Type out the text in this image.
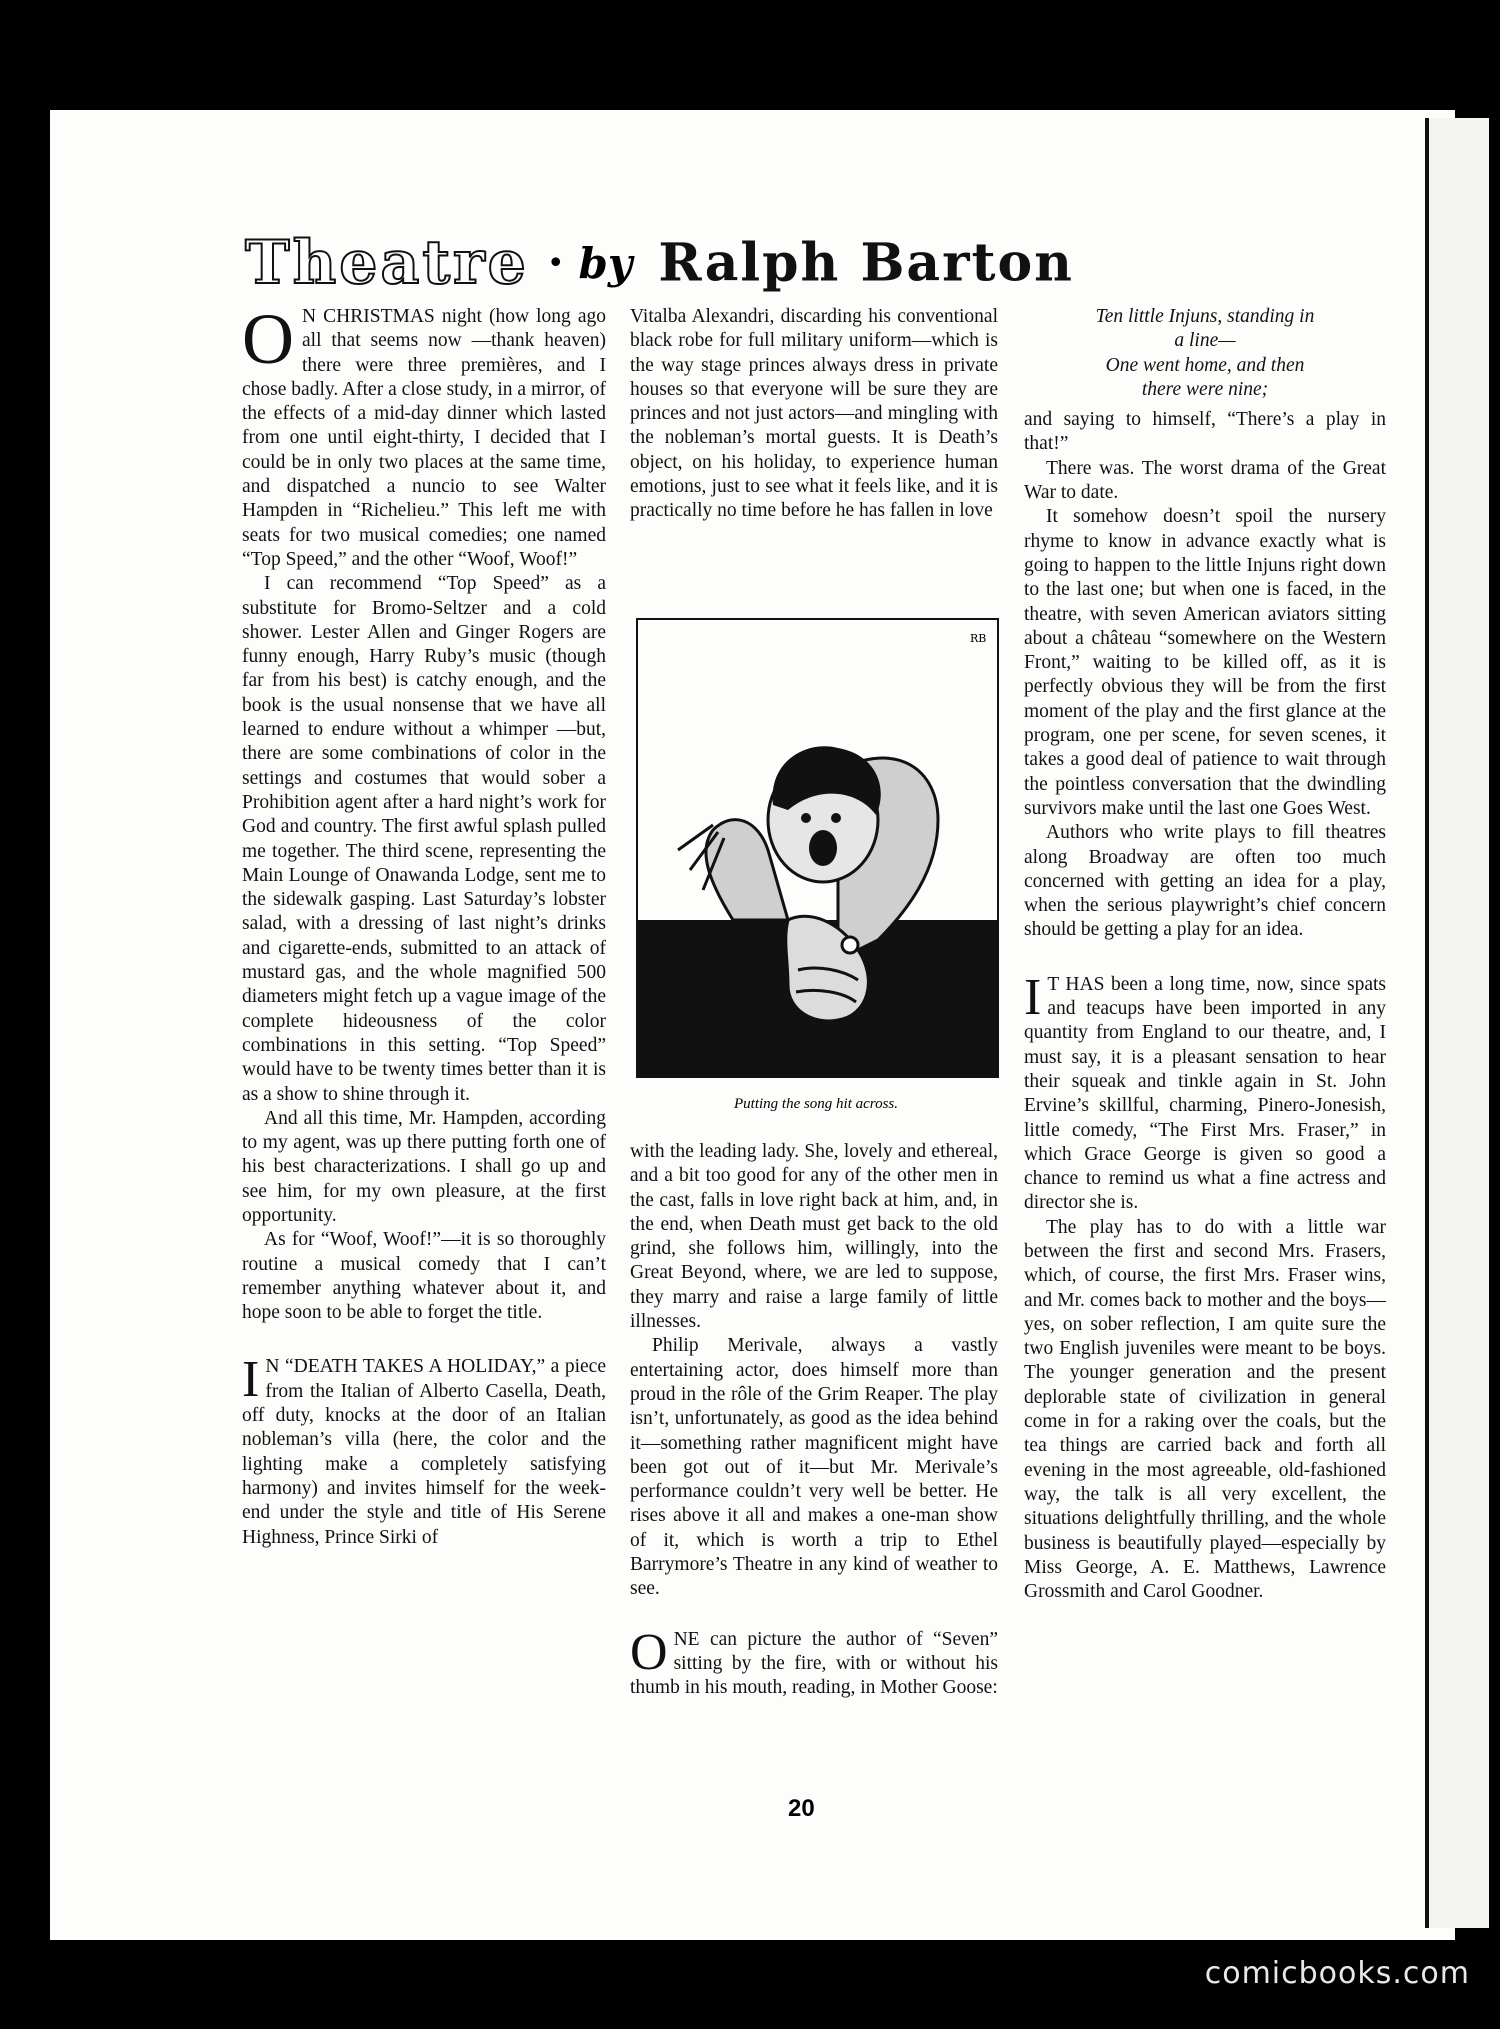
Theatre • by Ralph Barton

O N CHRISTMAS night (how long ago all that seems now —thank heaven) there were three premières, and I chose badly. After a close study, in a mirror, of the effects of a mid-day dinner which lasted from one until eight-thirty, I decided that I could be in only two places at the same time, and dispatched a nuncio to see Walter Hampden in “Richelieu.” This left me with seats for two musical comedies; one named “Top Speed,” and the other “Woof, Woof!”

I can recommend “Top Speed” as a substitute for Bromo-Seltzer and a cold shower. Lester Allen and Ginger Rogers are funny enough, Harry Ruby’s music (though far from his best) is catchy enough, and the book is the usual nonsense that we have all learned to endure without a whimper —but, there are some combinations of color in the settings and costumes that would sober a Prohibition agent after a hard night’s work for God and country. The first awful splash pulled me together. The third scene, representing the Main Lounge of Onawanda Lodge, sent me to the sidewalk gasping. Last Saturday’s lobster salad, with a dressing of last night’s drinks and cigarette-ends, submitted to an attack of mustard gas, and the whole magnified 500 diameters might fetch up a vague image of the complete hideousness of the color combinations in this setting. “Top Speed” would have to be twenty times better than it is as a show to shine through it.

And all this time, Mr. Hampden, according to my agent, was up there putting forth one of his best characterizations. I shall go up and see him, for my own pleasure, at the first opportunity.

As for “Woof, Woof!”—it is so thoroughly routine a musical comedy that I can’t remember anything whatever about it, and hope soon to be able to forget the title.

I N “DEATH TAKES A HOLIDAY,” a piece from the Italian of Alberto Casella, Death, off duty, knocks at the door of an Italian nobleman’s villa (here, the color and the lighting make a completely satisfying harmony) and invites himself for the week-end under the style and title of His Serene Highness, Prince Sirki of

Vitalba Alexandri, discarding his conventional black robe for full military uniform—which is the way stage princes always dress in private houses so that everyone will be sure they are princes and not just actors—and mingling with the nobleman’s mortal guests. It is Death’s object, on his holiday, to experience human emotions, just to see what it feels like, and it is practically no time before he has fallen in love

RB
Putting the song hit across.

with the leading lady. She, lovely and ethereal, and a bit too good for any of the other men in the cast, falls in love right back at him, and, in the end, when Death must get back to the old grind, she follows him, willingly, into the Great Beyond, where, we are led to suppose, they marry and raise a large family of little illnesses.

Philip Merivale, always a vastly entertaining actor, does himself more than proud in the rôle of the Grim Reaper. The play isn’t, unfortunately, as good as the idea behind it—something rather magnificent might have been got out of it—but Mr. Merivale’s performance couldn’t very well be better. He rises above it all and makes a one-man show of it, which is worth a trip to Ethel Barrymore’s Theatre in any kind of weather to see.

ONE can picture the author of “Seven” sitting by the fire, with or without his thumb in his mouth, reading, in Mother Goose:

Ten little Injuns, standing in
a line—
One went home, and then
there were nine;

and saying to himself, “There’s a play in that!”

There was. The worst drama of the Great War to date.

It somehow doesn’t spoil the nursery rhyme to know in advance exactly what is going to happen to the little Injuns right down to the last one; but when one is faced, in the theatre, with seven American aviators sitting about a château “somewhere on the Western Front,” waiting to be killed off, as it is perfectly obvious they will be from the first moment of the play and the first glance at the program, one per scene, for seven scenes, it takes a good deal of patience to wait through the pointless conversation that the dwindling survivors make until the last one Goes West.

Authors who write plays to fill theatres along Broadway are often too much concerned with getting an idea for a play, when the serious playwright’s chief concern should be getting a play for an idea.

I T HAS been a long time, now, since spats and teacups have been imported in any quantity from England to our theatre, and, I must say, it is a pleasant sensation to hear their squeak and tinkle again in St. John Ervine’s skillful, charming, Pinero-Jonesish, little comedy, “The First Mrs. Fraser,” in which Grace George is given so good a chance to remind us what a fine actress and director she is.

The play has to do with a little war between the first and second Mrs. Frasers, which, of course, the first Mrs. Fraser wins, and Mr. comes back to mother and the boys—yes, on sober reflection, I am quite sure the two English juveniles were meant to be boys. The younger generation and the present deplorable state of civilization in general come in for a raking over the coals, but the tea things are carried back and forth all evening in the most agreeable, old-fashioned way, the talk is all very excellent, the situations delightfully thrilling, and the whole business is beautifully played—especially by Miss George, A. E. Matthews, Lawrence Grossmith and Carol Goodner.

20
comicbooks.com
